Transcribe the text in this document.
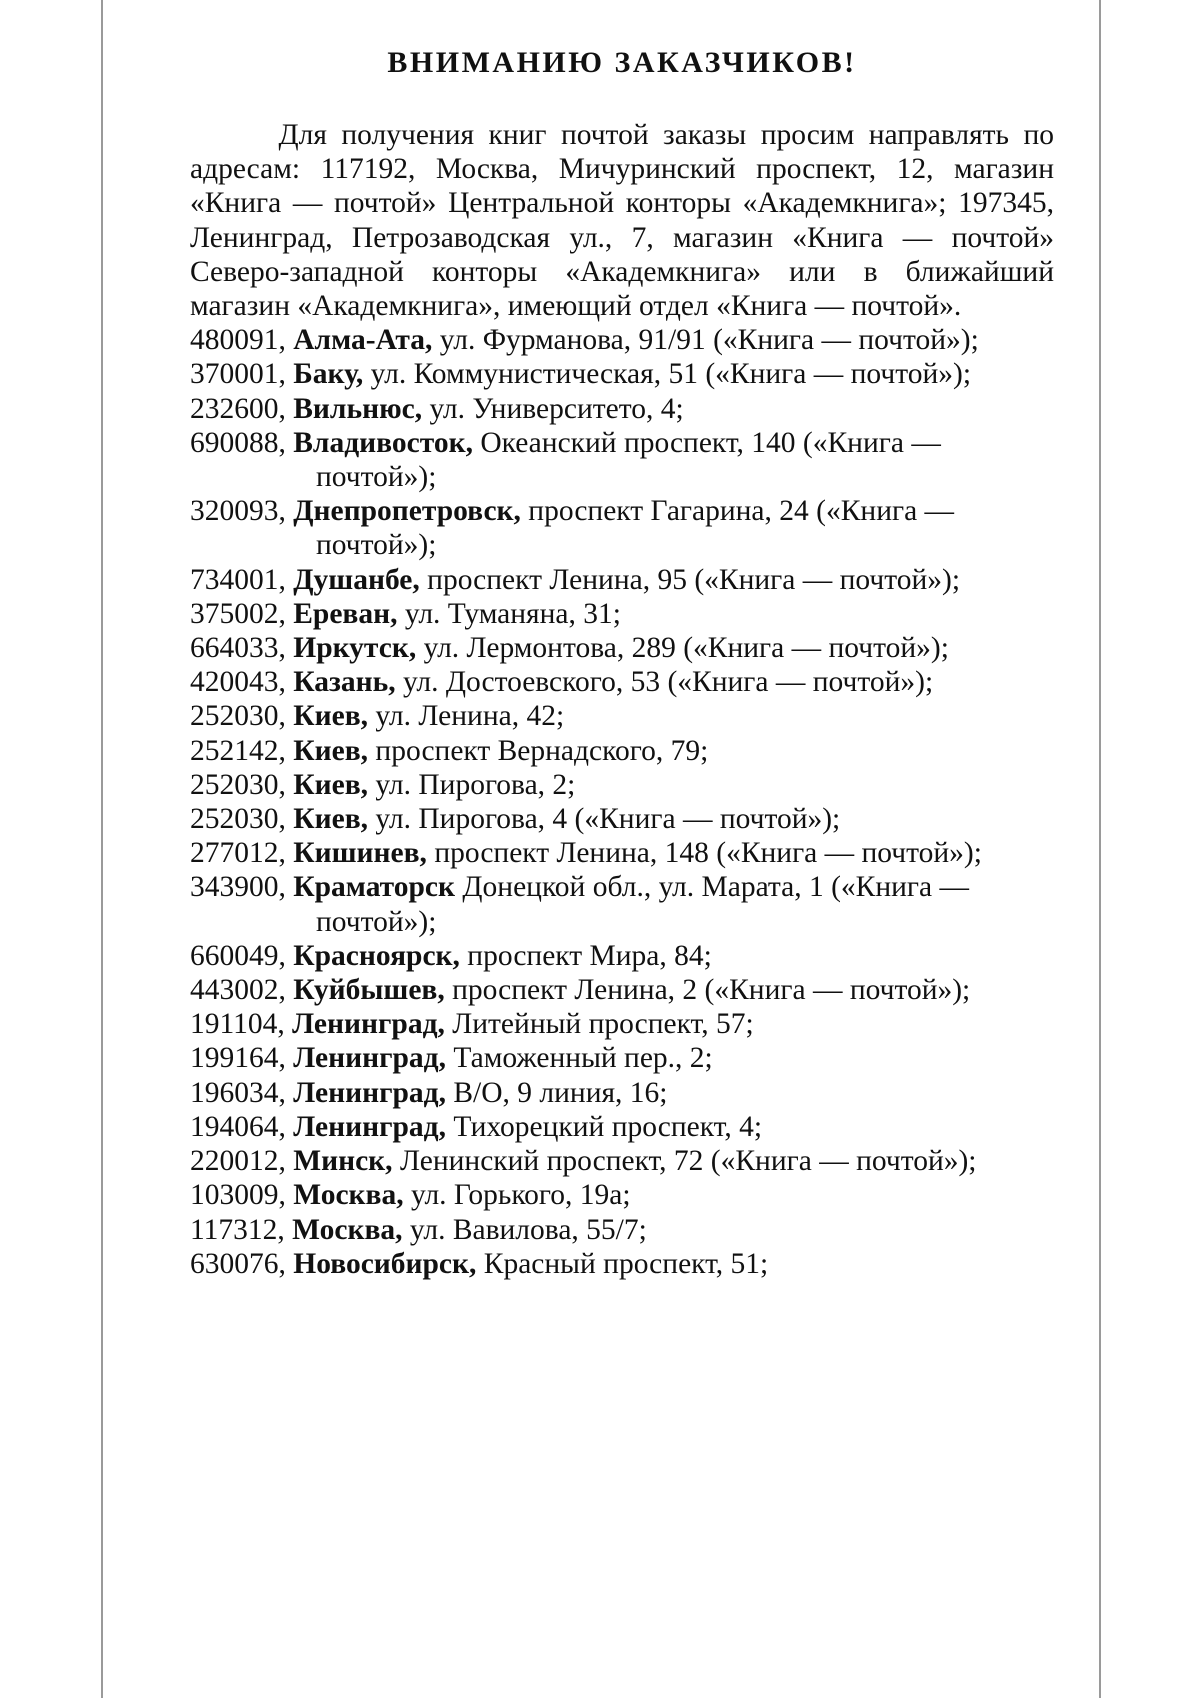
ВНИМАНИЮ ЗАКАЗЧИКОВ!

Для получения книг почтой заказы просим направлять по адресам: 117192, Москва, Мичуринский проспект, 12, магазин «Книга — почтой» Центральной конторы «Академкнига»; 197345, Ленинград, Петрозаводская ул., 7, магазин «Книга — почтой» Северо-западной конторы «Академкнига» или в ближайший магазин «Академкнига», имеющий отдел «Книга — почтой».

480091, Алма-Ата, ул. Фурманова, 91/91 («Книга — почтой»);
370001, Баку, ул. Коммунистическая, 51 («Книга — почтой»);
232600, Вильнюс, ул. Университето, 4;
690088, Владивосток, Океанский проспект, 140 («Книга — почтой»);
320093, Днепропетровск, проспект Гагарина, 24 («Книга — почтой»);
734001, Душанбе, проспект Ленина, 95 («Книга — почтой»);
375002, Ереван, ул. Туманяна, 31;
664033, Иркутск, ул. Лермонтова, 289 («Книга — почтой»);
420043, Казань, ул. Достоевского, 53 («Книга — почтой»);
252030, Киев, ул. Ленина, 42;
252142, Киев, проспект Вернадского, 79;
252030, Киев, ул. Пирогова, 2;
252030, Киев, ул. Пирогова, 4 («Книга — почтой»);
277012, Кишинев, проспект Ленина, 148 («Книга — почтой»);
343900, Краматорск Донецкой обл., ул. Марата, 1 («Книга — почтой»);
660049, Красноярск, проспект Мира, 84;
443002, Куйбышев, проспект Ленина, 2 («Книга — почтой»);
191104, Ленинград, Литейный проспект, 57;
199164, Ленинград, Таможенный пер., 2;
196034, Ленинград, В/О, 9 линия, 16;
194064, Ленинград, Тихорецкий проспект, 4;
220012, Минск, Ленинский проспект, 72 («Книга — почтой»);
103009, Москва, ул. Горького, 19а;
117312, Москва, ул. Вавилова, 55/7;
630076, Новосибирск, Красный проспект, 51;
